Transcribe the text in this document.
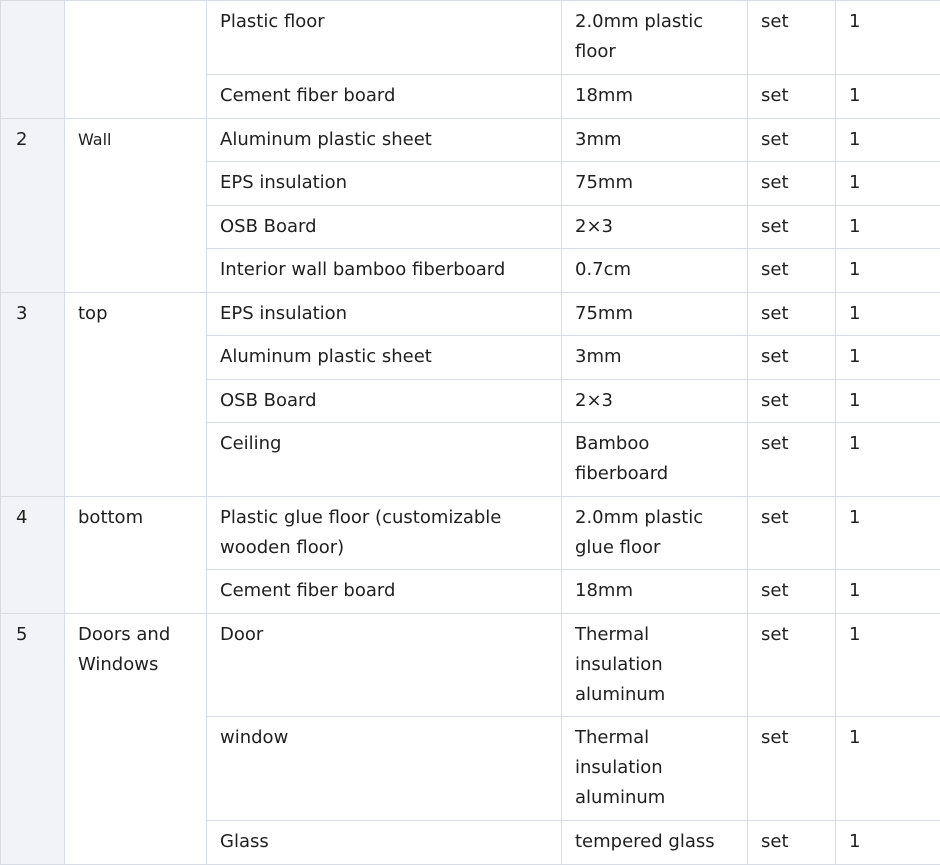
		Plastic floor	2.0mm plastic floor	set	1
		Cement fiber board	18mm	set	1
2	Wall	Aluminum plastic sheet	3mm	set	1
		EPS insulation	75mm	set	1
		OSB Board	2×3	set	1
		Interior wall bamboo fiberboard	0.7cm	set	1
3	top	EPS insulation	75mm	set	1
		Aluminum plastic sheet	3mm	set	1
		OSB Board	2×3	set	1
		Ceiling	Bamboo fiberboard	set	1
4	bottom	Plastic glue floor (customizable wooden floor)	2.0mm plastic glue floor	set	1
		Cement fiber board	18mm	set	1
5	Doors and Windows	Door	Thermal insulation aluminum	set	1
		window	Thermal insulation aluminum	set	1
		Glass	tempered glass	set	1
